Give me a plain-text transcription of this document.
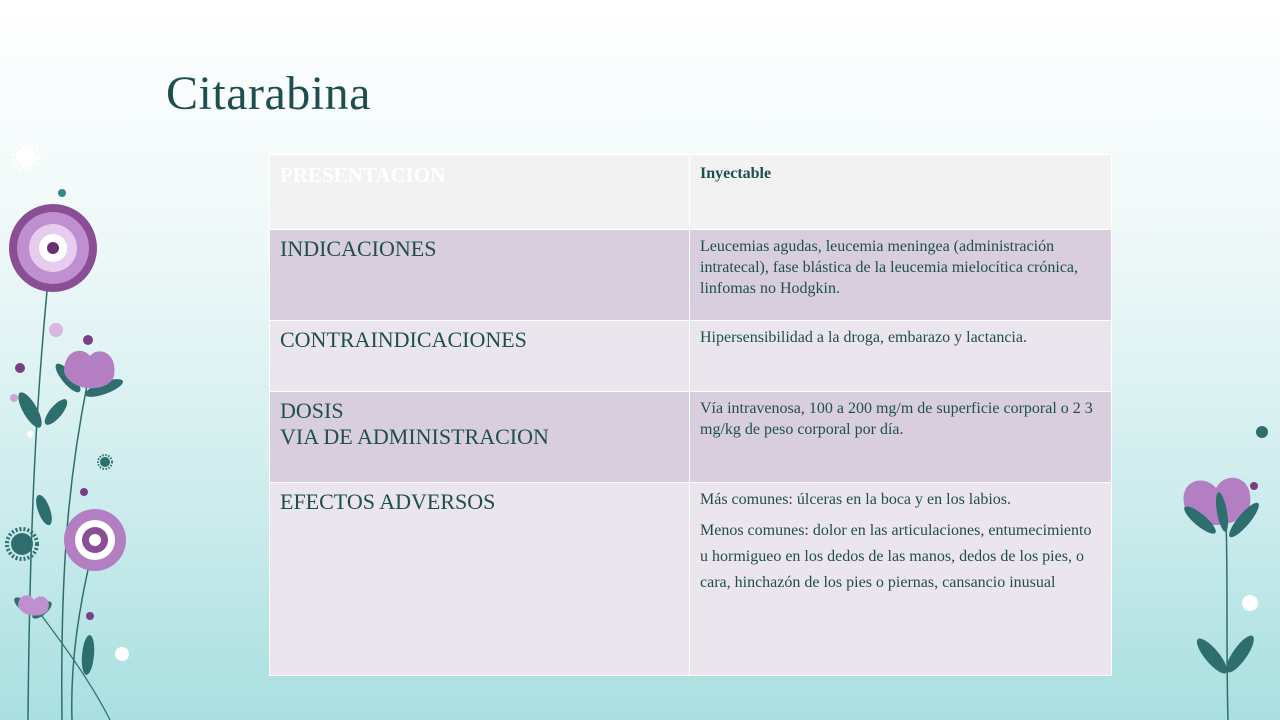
Citarabina
PRESENTACION	Inyectable

INDICACIONES	Leucemias agudas, leucemia meningea (administración intratecal), fase blástica de la leucemia mielocítica crónica, linfomas no Hodgkin.

CONTRAINDICACIONES	Hipersensibilidad a la droga, embarazo y lactancia.

DOSIS
VIA DE ADMINISTRACION	Vía intravenosa, 100 a 200 mg/m de superficie corporal o 2 3 mg/kg de peso corporal por día.

EFECTOS ADVERSOS	Más comunes: úlceras en la boca y en los labios.

Menos comunes: dolor en las articulaciones, entumecimiento u hormigueo en los dedos de las manos, dedos de los pies, o cara, hinchazón de los pies o piernas, cansancio inusual
